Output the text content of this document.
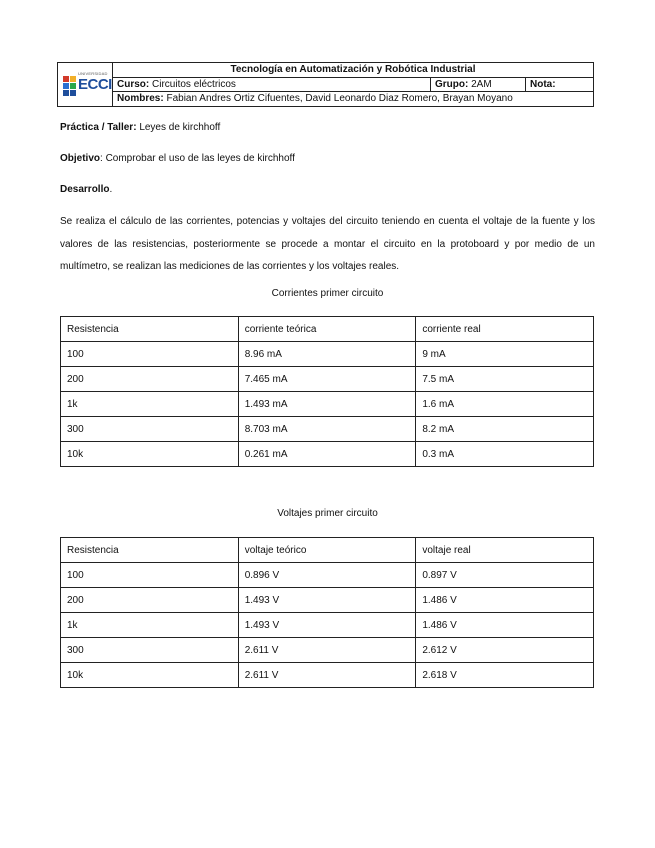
UNIVERSIDAD
ECCI
Tecnología en Automatización y Robótica Industrial
Curso: Circuitos eléctricos	Grupo: 2AM	Nota:
Nombres: Fabian Andres Ortiz Cifuentes, David Leonardo Diaz Romero, Brayan Moyano
Práctica / Taller: Leyes de kirchhoff
Objetivo: Comprobar el uso de las leyes de kirchhoff
Desarrollo.
Se realiza el cálculo de las corrientes, potencias y voltajes del circuito teniendo en cuenta el voltaje de la fuente y los valores de las resistencias, posteriormente se procede a montar el circuito en la protoboard y por medio de un multímetro, se realizan las mediciones de las corrientes y los voltajes reales.
Corrientes primer circuito
Resistencia	corriente teórica	corriente real
100	8.96 mA	9 mA
200	7.465 mA	7.5 mA
1k	1.493 mA	1.6 mA
300	8.703 mA	8.2 mA
10k	0.261 mA	0.3 mA
Voltajes primer circuito
Resistencia	voltaje teórico	voltaje real
100	0.896 V	0.897 V
200	1.493 V	1.486 V
1k	1.493 V	1.486 V
300	2.611 V	2.612 V
10k	2.611 V	2.618 V
